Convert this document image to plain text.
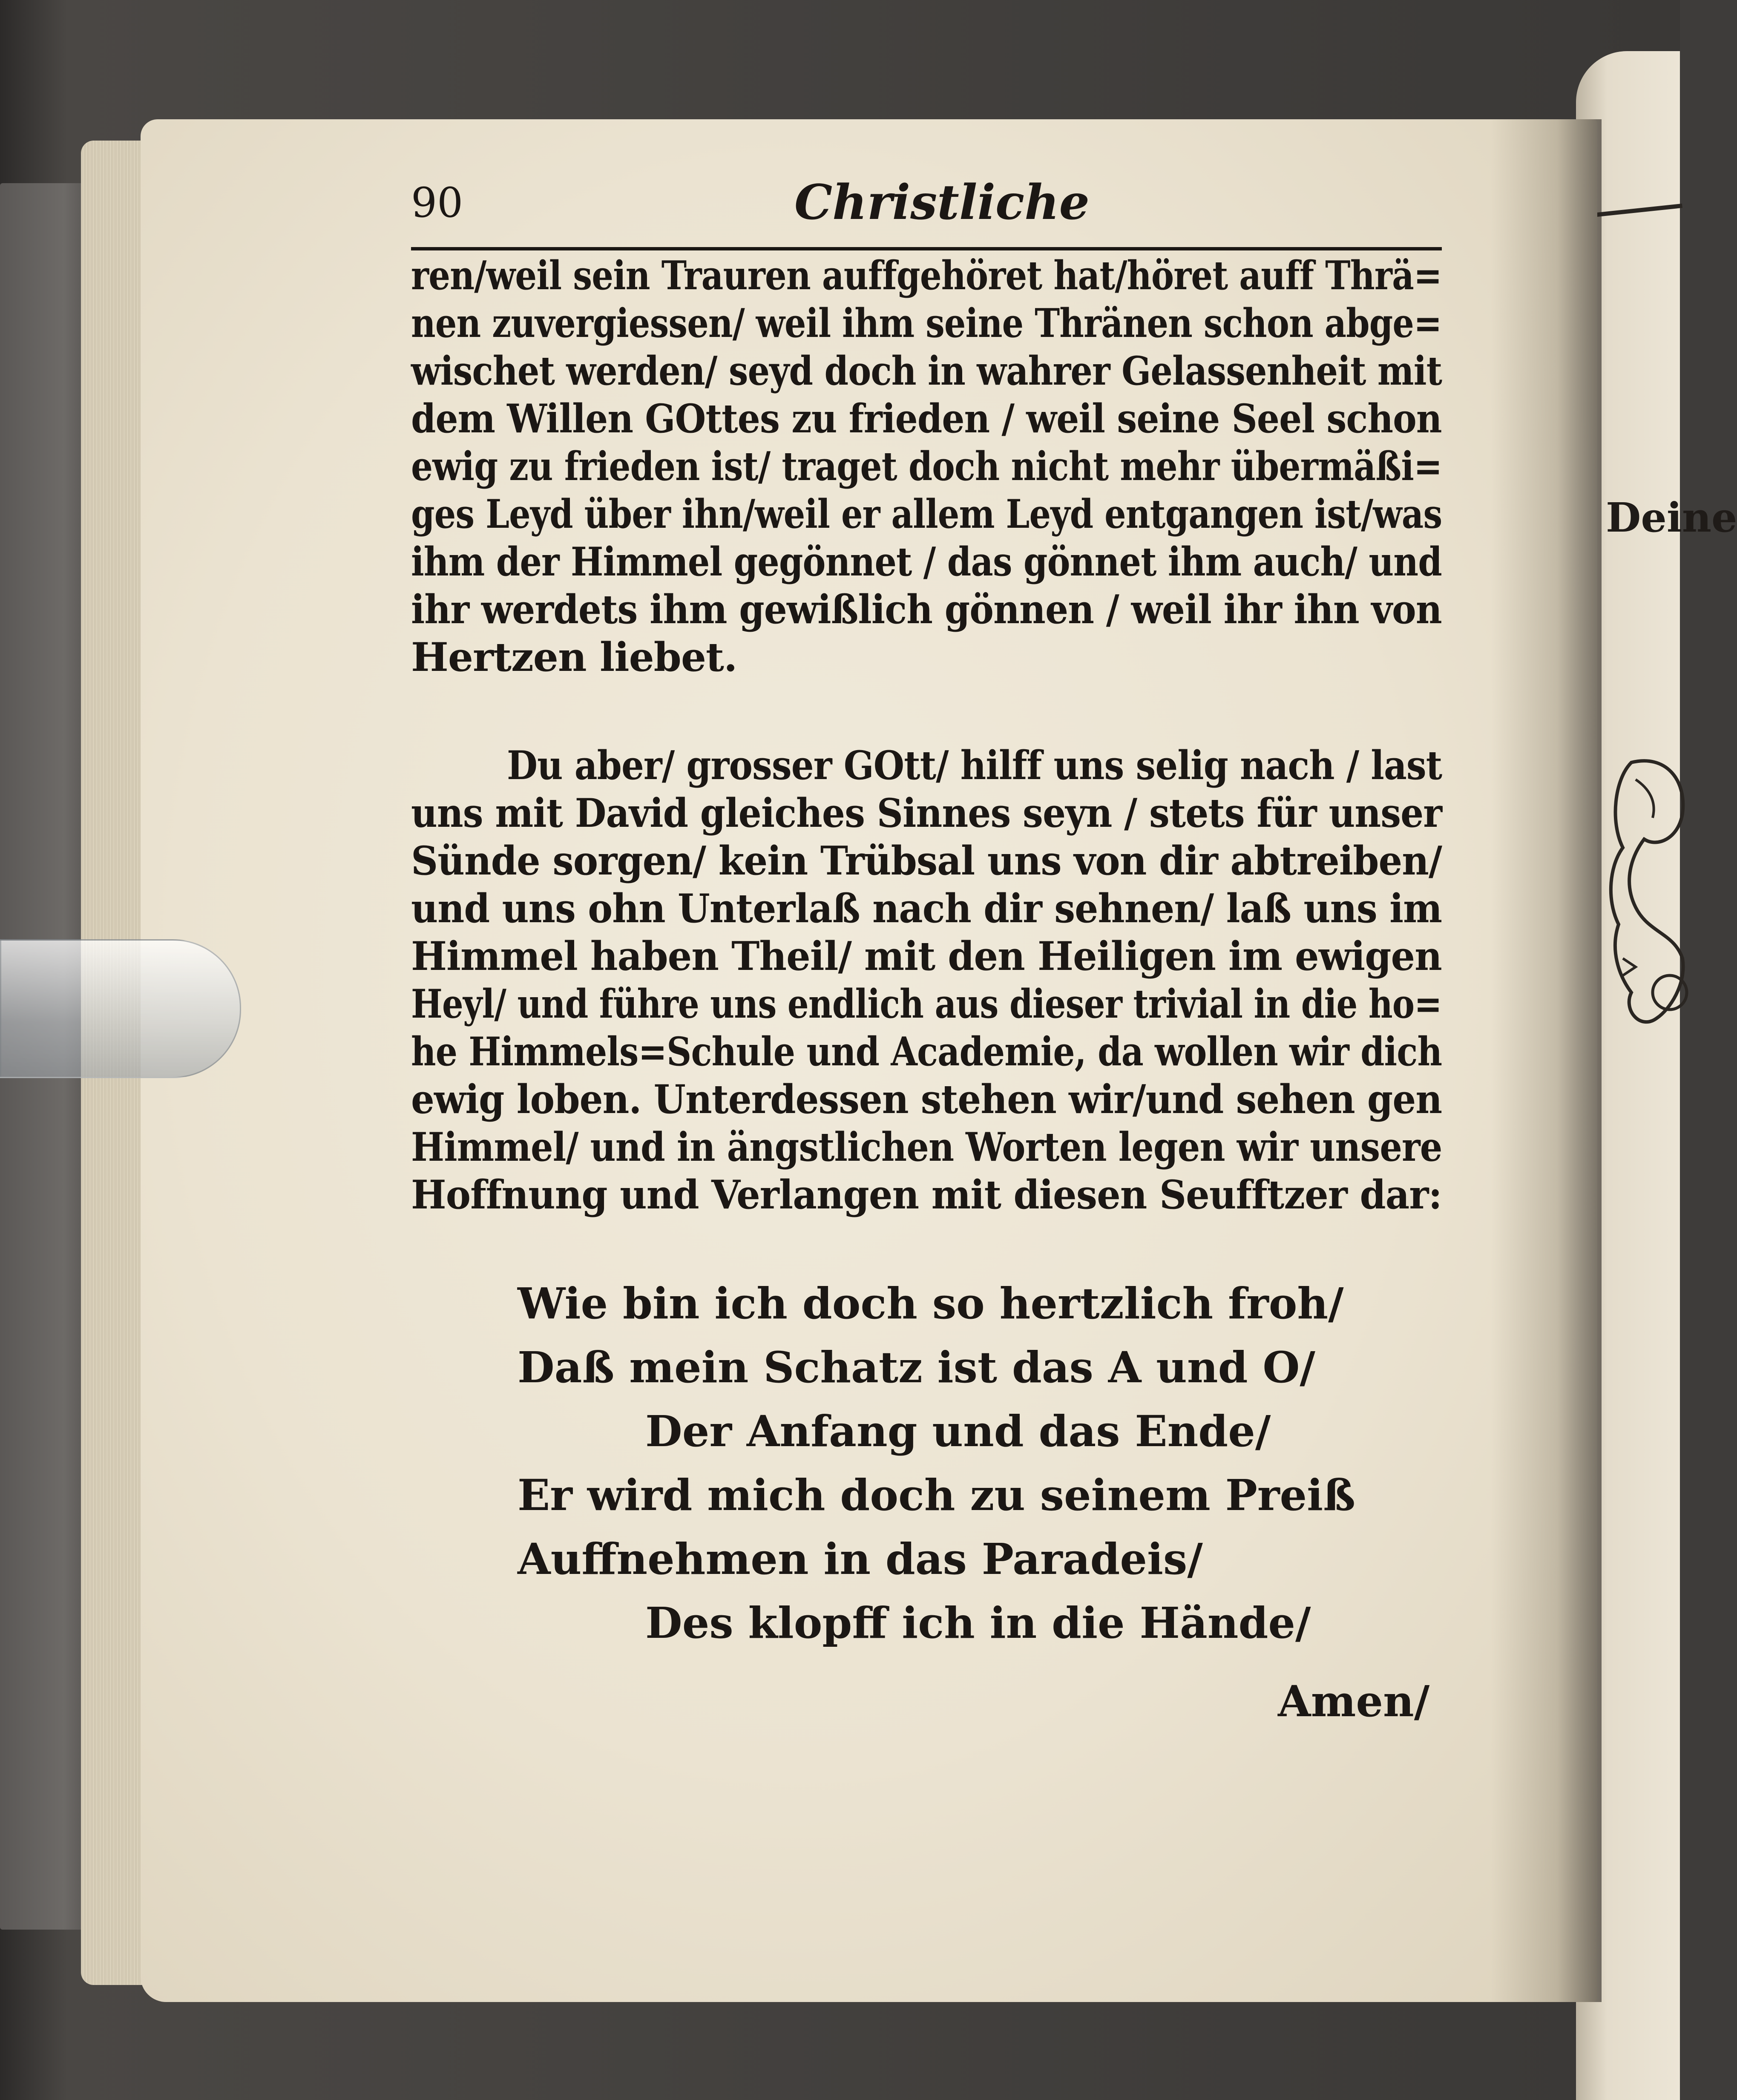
Deine
90	Christliche
ren/weil sein Trauren auffgehöret hat/höret auff Thrä=
nen zuvergiessen/ weil ihm seine Thränen schon abge=
wischet werden/ seyd doch in wahrer Gelassenheit mit
dem Willen GOttes zu frieden / weil seine Seel schon
ewig zu frieden ist/ traget doch nicht mehr übermäßi=
ges Leyd über ihn/weil er allem Leyd entgangen ist/was
ihm der Himmel gegönnet / das gönnet ihm auch/ und
ihr werdets ihm gewißlich gönnen / weil ihr ihn von
Hertzen liebet.
Du aber/ grosser GOtt/ hilff uns selig nach / last
uns mit David gleiches Sinnes seyn / stets für unser
Sünde sorgen/ kein Trübsal uns von dir abtreiben/
und uns ohn Unterlaß nach dir sehnen/ laß uns im
Himmel haben Theil/ mit den Heiligen im ewigen
Heyl/ und führe uns endlich aus dieser trivial in die ho=
he Himmels=Schule und Academie, da wollen wir dich
ewig loben. Unterdessen stehen wir/und sehen gen
Himmel/ und in ängstlichen Worten legen wir unsere
Hoffnung und Verlangen mit diesen Seufftzer dar:
Wie bin ich doch so hertzlich froh/
Daß mein Schatz ist das A und O/
Der Anfang und das Ende/
Er wird mich doch zu seinem Preiß
Auffnehmen in das Paradeis/
Des klopff ich in die Hände/
Amen/
